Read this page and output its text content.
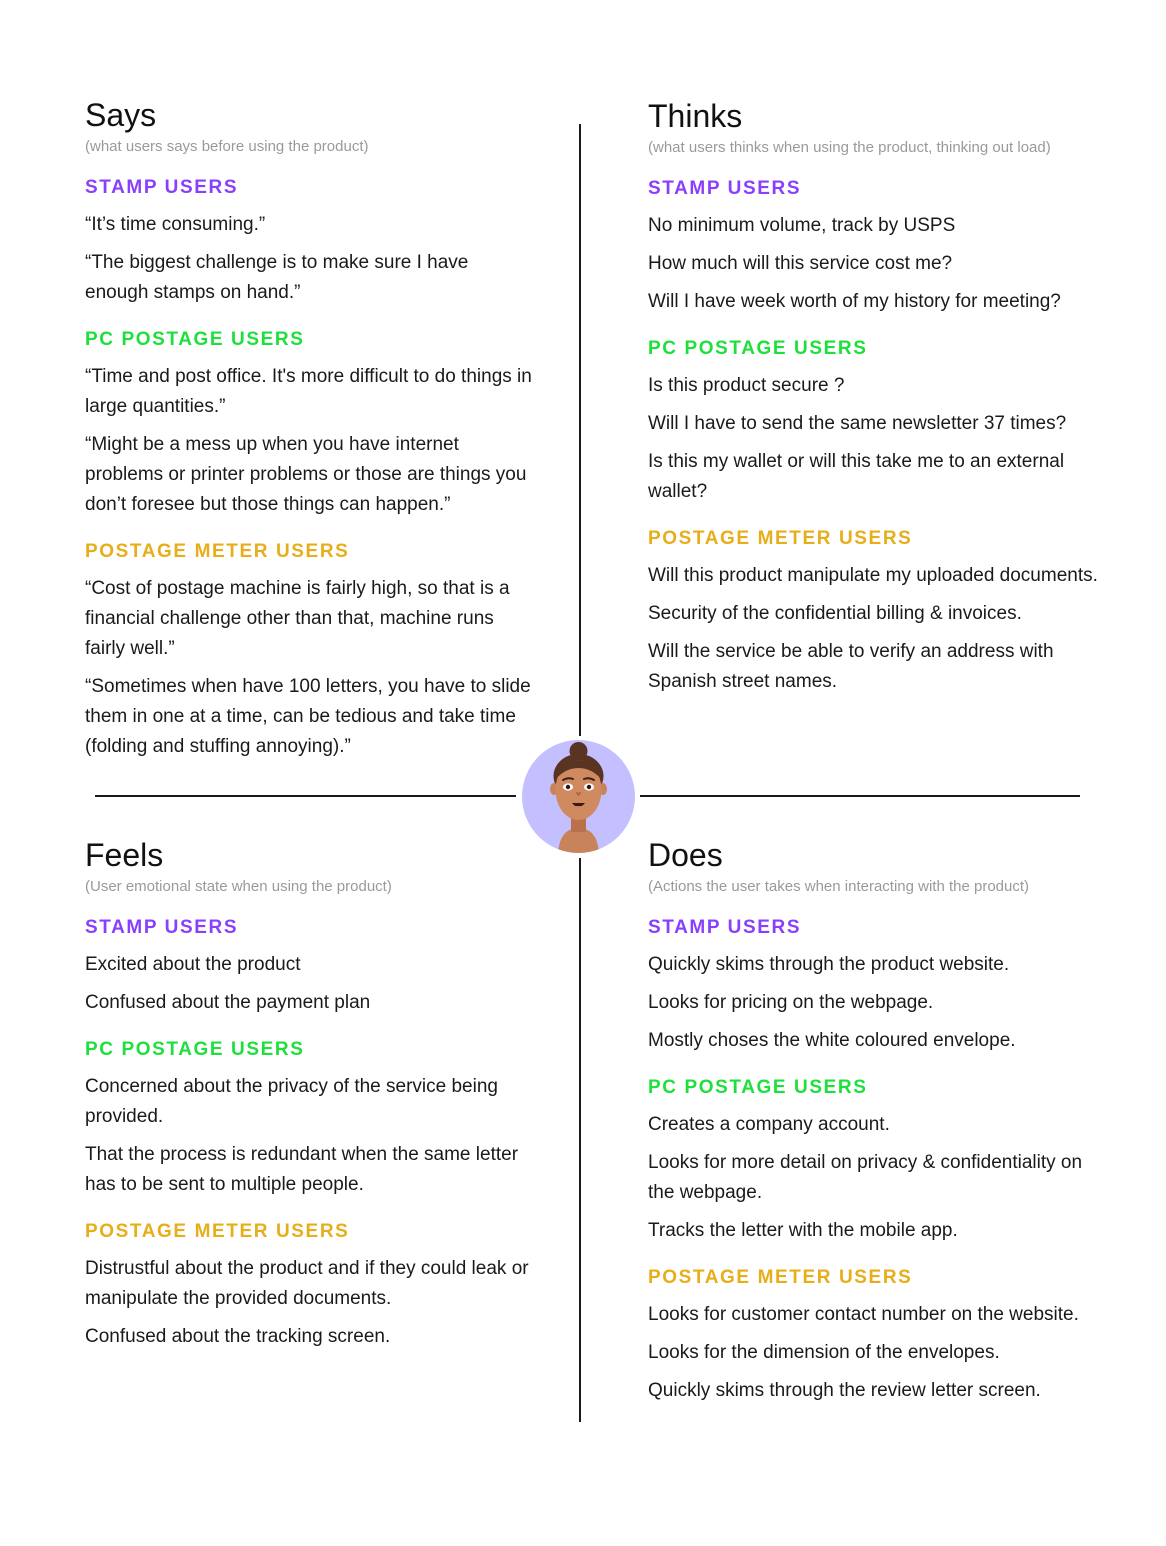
Says

(what users says before using the product)

STAMP USERS
“It’s time consuming.”
“The biggest challenge is to make sure I have enough stamps on hand.”
PC POSTAGE USERS
“Time and post office. It's more difficult to do things in large quantities.”
“Might be a mess up when you have internet problems or printer problems or those are things you don’t foresee but those things can happen.”
POSTAGE METER USERS
“Cost of postage machine is fairly high, so that is a financial challenge other than that, machine runs fairly well.”
“Sometimes when have 100 letters, you have to slide them in one at a time, can be tedious and take time (folding and stuffing annoying).”
Thinks

(what users thinks when using the product, thinking out load)

STAMP USERS
No minimum volume, track by USPS
How much will this service cost me?
Will I have week worth of my history for meeting?
PC POSTAGE USERS
Is this product secure ?
Will I have to send the same newsletter 37 times?
Is this my wallet or will this take me to an external wallet?
POSTAGE METER USERS
Will this product manipulate my uploaded documents.
Security of the confidential billing & invoices.
Will the service be able to verify an address with Spanish street names.
Feels

(User emotional state when using the product)

STAMP USERS
Excited about the product
Confused about the payment plan
PC POSTAGE USERS
Concerned about the privacy of the service being provided.
That the process is redundant when the same letter has to be sent to multiple people.
POSTAGE METER USERS
Distrustful about the product and if they could leak or manipulate the provided documents.
Confused about the tracking screen.
Does

(Actions the user takes when interacting with the product)

STAMP USERS
Quickly skims through the product website.
Looks for pricing on the webpage.
Mostly choses the white coloured envelope.
PC POSTAGE USERS
Creates a company account.
Looks for more detail on privacy & confidentiality on the webpage.
Tracks the letter with the mobile app.
POSTAGE METER USERS
Looks for customer contact number on the website.
Looks for the dimension of the envelopes.
Quickly skims through the review letter screen.
